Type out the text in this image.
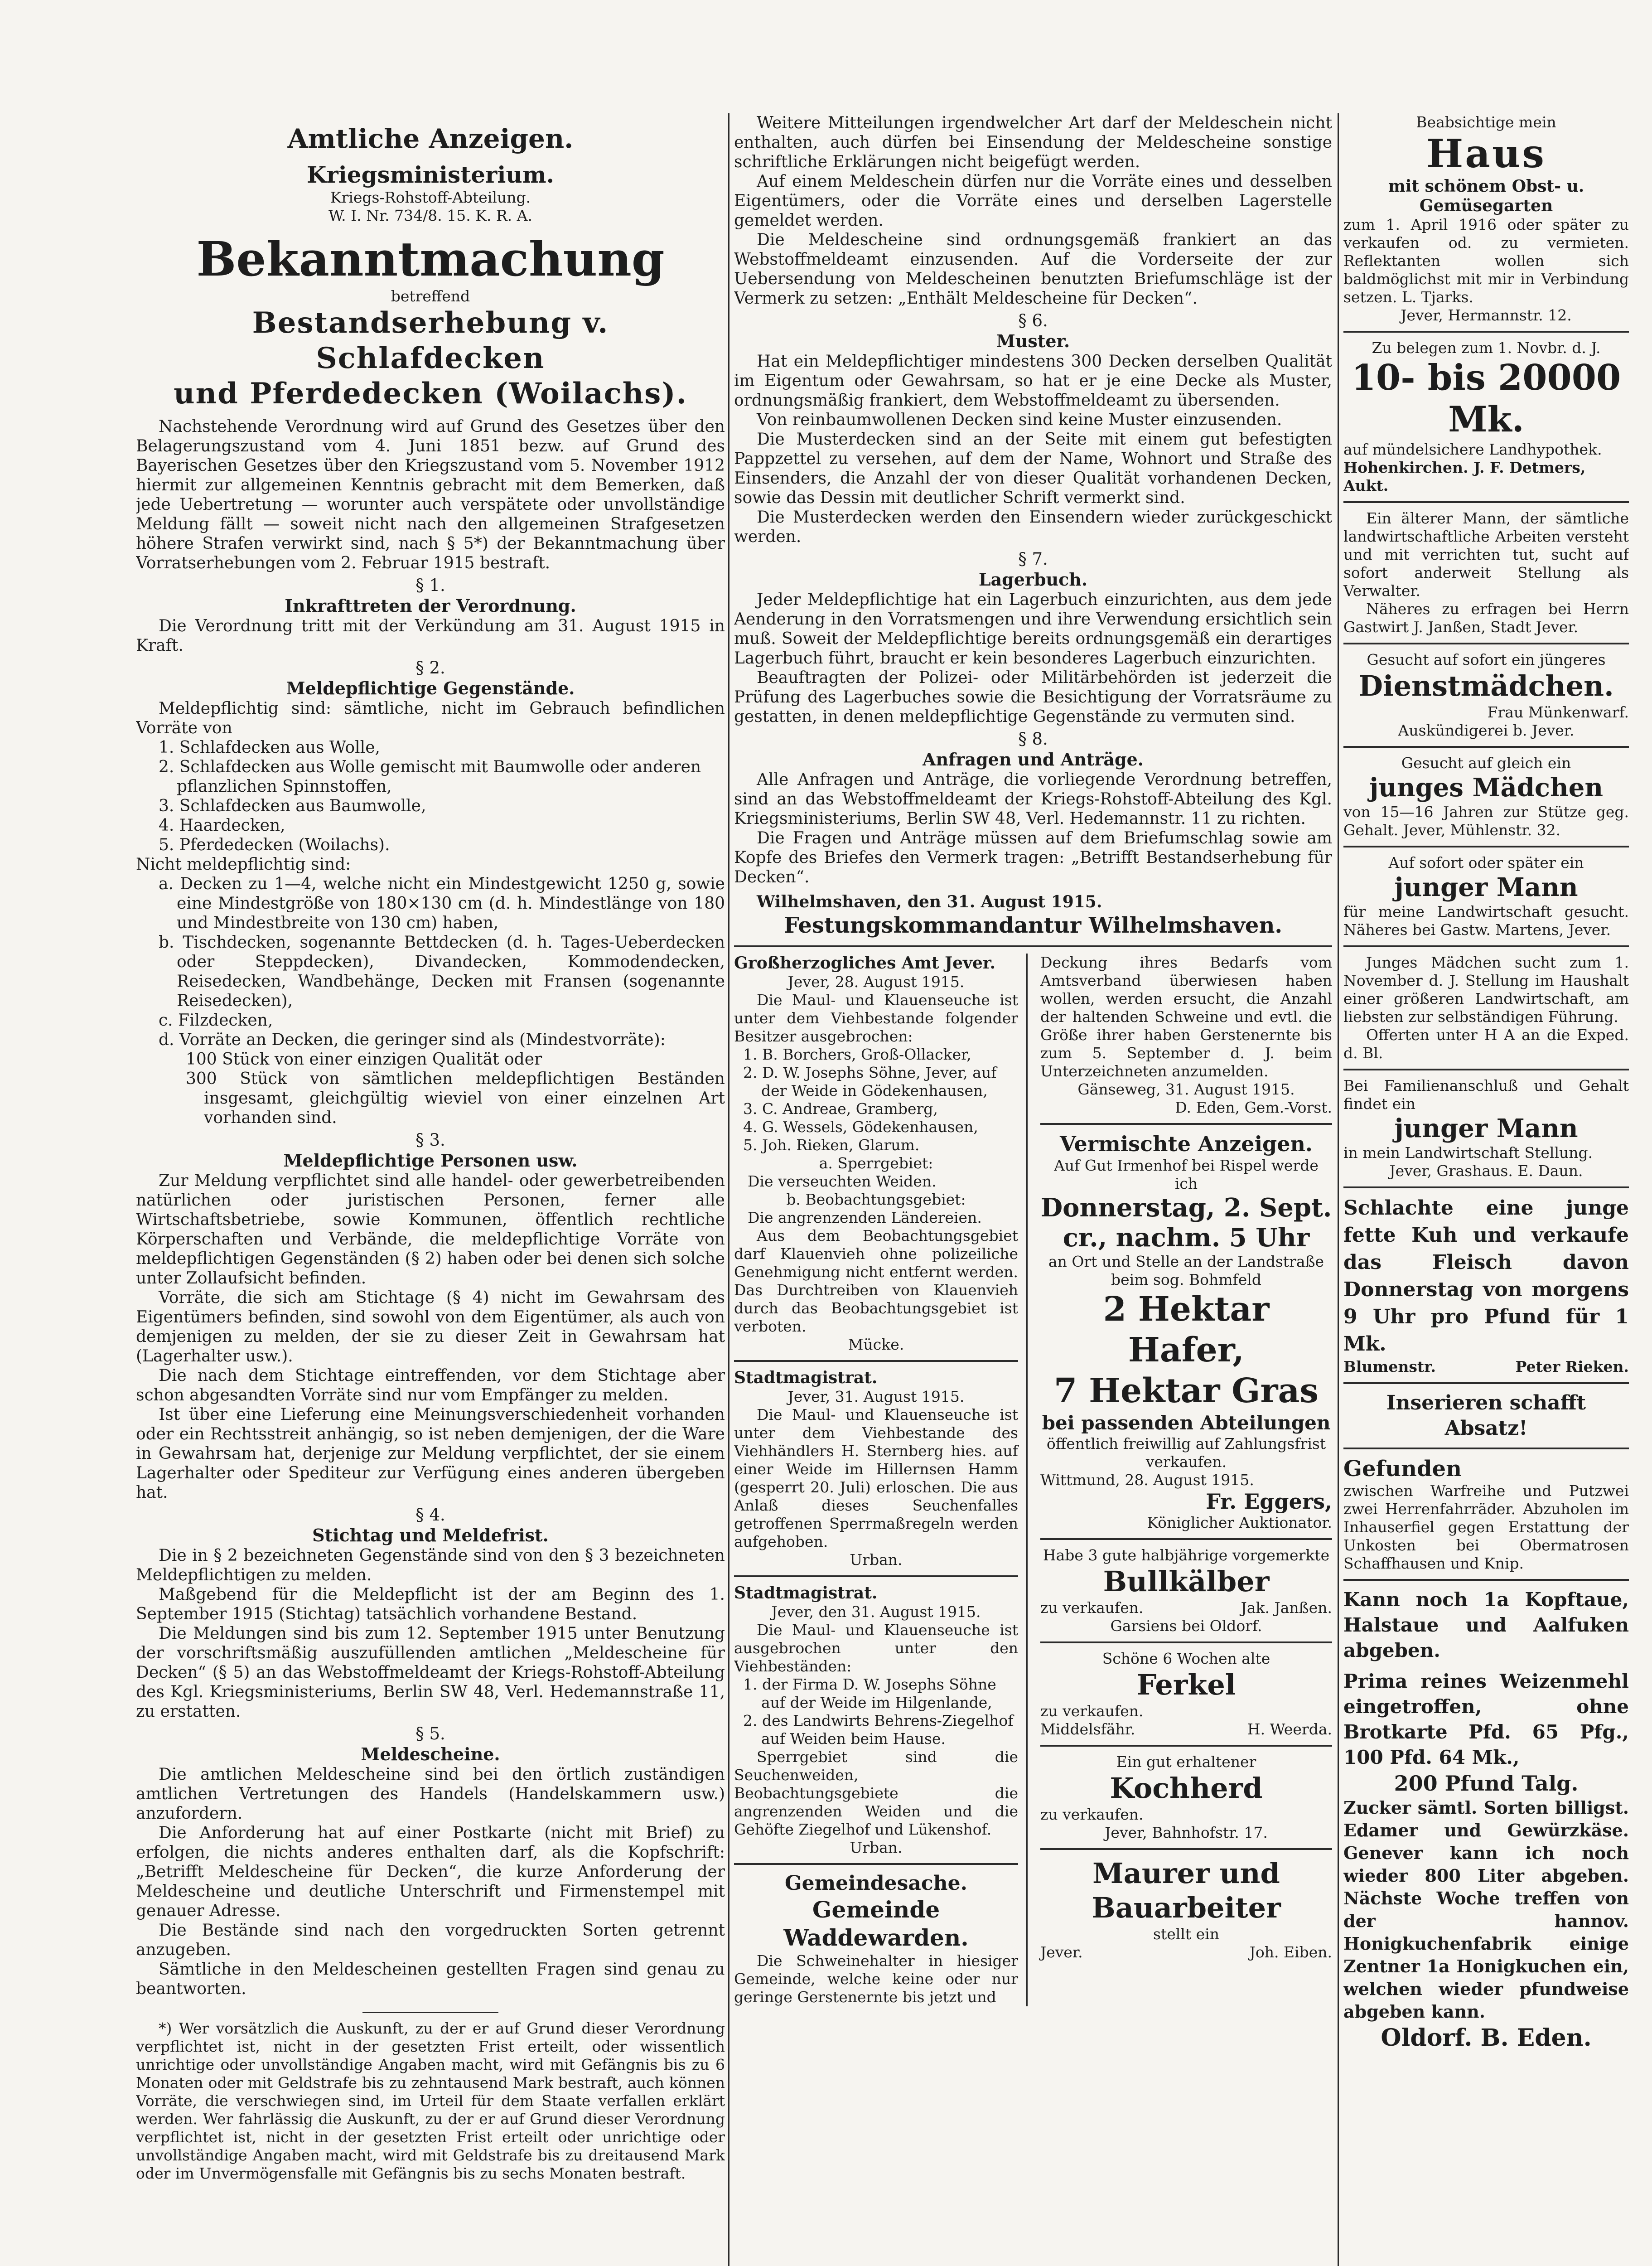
Amtliche Anzeigen.

Kriegsministerium.

Kriegs-Rohstoff-Abteilung.

W. I. Nr. 734/8. 15. K. R. A.

Bekanntmachung

betreffend

Bestandserhebung v. Schlafdecken

und Pferdedecken (Woilachs).

Nachstehende Verordnung wird auf Grund des Gesetzes über den Belagerungszustand vom 4. Juni 1851 bezw. auf Grund des Bayerischen Gesetzes über den Kriegszustand vom 5. November 1912 hiermit zur allgemeinen Kenntnis gebracht mit dem Bemerken, daß jede Uebertretung — worunter auch verspätete oder unvollständige Meldung fällt — soweit nicht nach den allgemeinen Strafgesetzen höhere Strafen verwirkt sind, nach § 5*) der Bekanntmachung über Vorratserhebungen vom 2. Februar 1915 bestraft.

§ 1.

Inkrafttreten der Verordnung.

Die Verordnung tritt mit der Verkündung am 31. August 1915 in Kraft.

§ 2.

Meldepflichtige Gegenstände.

Meldepflichtig sind: sämtliche, nicht im Gebrauch befindlichen Vorräte von

1. Schlafdecken aus Wolle,

2. Schlafdecken aus Wolle gemischt mit Baumwolle oder anderen pflanzlichen Spinnstoffen,

3. Schlafdecken aus Baumwolle,

4. Haardecken,

5. Pferdedecken (Woilachs).

Nicht meldepflichtig sind:

a. Decken zu 1—4, welche nicht ein Mindestgewicht 1250 g, sowie eine Mindestgröße von 180×130 cm (d. h. Mindestlänge von 180 und Mindestbreite von 130 cm) haben,

b. Tischdecken, sogenannte Bettdecken (d. h. Tages-Ueberdecken oder Steppdecken), Divandecken, Kommodendecken, Reisedecken, Wandbehänge, Decken mit Fransen (sogenannte Reisedecken),

c. Filzdecken,

d. Vorräte an Decken, die geringer sind als (Mindestvorräte):

100 Stück von einer einzigen Qualität oder

300 Stück von sämtlichen meldepflichtigen Beständen insgesamt, gleichgültig wieviel von einer einzelnen Art vorhanden sind.

§ 3.

Meldepflichtige Personen usw.

Zur Meldung verpflichtet sind alle handel- oder gewerbetreibenden natürlichen oder juristischen Personen, ferner alle Wirtschaftsbetriebe, sowie Kommunen, öffentlich rechtliche Körperschaften und Verbände, die meldepflichtige Vorräte von meldepflichtigen Gegenständen (§ 2) haben oder bei denen sich solche unter Zollaufsicht befinden.

Vorräte, die sich am Stichtage (§ 4) nicht im Gewahrsam des Eigentümers befinden, sind sowohl von dem Eigentümer, als auch von demjenigen zu melden, der sie zu dieser Zeit in Gewahrsam hat (Lagerhalter usw.).

Die nach dem Stichtage eintreffenden, vor dem Stichtage aber schon abgesandten Vorräte sind nur vom Empfänger zu melden.

Ist über eine Lieferung eine Meinungsverschiedenheit vorhanden oder ein Rechtsstreit anhängig, so ist neben demjenigen, der die Ware in Gewahrsam hat, derjenige zur Meldung verpflichtet, der sie einem Lagerhalter oder Spediteur zur Verfügung eines anderen übergeben hat.

§ 4.

Stichtag und Meldefrist.

Die in § 2 bezeichneten Gegenstände sind von den § 3 bezeichneten Meldepflichtigen zu melden.

Maßgebend für die Meldepflicht ist der am Beginn des 1. September 1915 (Stichtag) tatsächlich vorhandene Bestand.

Die Meldungen sind bis zum 12. September 1915 unter Benutzung der vorschriftsmäßig auszufüllenden amtlichen „Meldescheine für Decken“ (§ 5) an das Webstoffmeldeamt der Kriegs-Rohstoff-Abteilung des Kgl. Kriegsministeriums, Berlin SW 48, Verl. Hedemannstraße 11, zu erstatten.

§ 5.

Meldescheine.

Die amtlichen Meldescheine sind bei den örtlich zuständigen amtlichen Vertretungen des Handels (Handelskammern usw.) anzufordern.

Die Anforderung hat auf einer Postkarte (nicht mit Brief) zu erfolgen, die nichts anderes enthalten darf, als die Kopfschrift: „Betrifft Meldescheine für Decken“, die kurze Anforderung der Meldescheine und deutliche Unterschrift und Firmenstempel mit genauer Adresse.

Die Bestände sind nach den vorgedruckten Sorten getrennt anzugeben.

Sämtliche in den Meldescheinen gestellten Fragen sind genau zu beantworten.

*) Wer vorsätzlich die Auskunft, zu der er auf Grund dieser Verordnung verpflichtet ist, nicht in der gesetzten Frist erteilt, oder wissentlich unrichtige oder unvollständige Angaben macht, wird mit Gefängnis bis zu 6 Monaten oder mit Geldstrafe bis zu zehntausend Mark bestraft, auch können Vorräte, die verschwiegen sind, im Urteil für dem Staate verfallen erklärt werden. Wer fahrlässig die Auskunft, zu der er auf Grund dieser Verordnung verpflichtet ist, nicht in der gesetzten Frist erteilt oder unrichtige oder unvollständige Angaben macht, wird mit Geldstrafe bis zu dreitausend Mark oder im Unvermögensfalle mit Gefängnis bis zu sechs Monaten bestraft.

Weitere Mitteilungen irgendwelcher Art darf der Meldeschein nicht enthalten, auch dürfen bei Einsendung der Meldescheine sonstige schriftliche Erklärungen nicht beigefügt werden.

Auf einem Meldeschein dürfen nur die Vorräte eines und desselben Eigentümers, oder die Vorräte eines und derselben Lagerstelle gemeldet werden.

Die Meldescheine sind ordnungsgemäß frankiert an das Webstoffmeldeamt einzusenden. Auf die Vorderseite der zur Uebersendung von Meldescheinen benutzten Briefumschläge ist der Vermerk zu setzen: „Enthält Meldescheine für Decken“.

§ 6.

Muster.

Hat ein Meldepflichtiger mindestens 300 Decken derselben Qualität im Eigentum oder Gewahrsam, so hat er je eine Decke als Muster, ordnungsmäßig frankiert, dem Webstoffmeldeamt zu übersenden.

Von reinbaumwollenen Decken sind keine Muster einzusenden.

Die Musterdecken sind an der Seite mit einem gut befestigten Pappzettel zu versehen, auf dem der Name, Wohnort und Straße des Einsenders, die Anzahl der von dieser Qualität vorhandenen Decken, sowie das Dessin mit deutlicher Schrift vermerkt sind.

Die Musterdecken werden den Einsendern wieder zurückgeschickt werden.

§ 7.

Lagerbuch.

Jeder Meldepflichtige hat ein Lagerbuch einzurichten, aus dem jede Aenderung in den Vorratsmengen und ihre Verwendung ersichtlich sein muß. Soweit der Meldepflichtige bereits ordnungsgemäß ein derartiges Lagerbuch führt, braucht er kein besonderes Lagerbuch einzurichten.

Beauftragten der Polizei- oder Militärbehörden ist jederzeit die Prüfung des Lagerbuches sowie die Besichtigung der Vorratsräume zu gestatten, in denen meldepflichtige Gegenstände zu vermuten sind.

§ 8.

Anfragen und Anträge.

Alle Anfragen und Anträge, die vorliegende Verordnung betreffen, sind an das Webstoffmeldeamt der Kriegs-Rohstoff-Abteilung des Kgl. Kriegsministeriums, Berlin SW 48, Verl. Hedemannstr. 11 zu richten.

Die Fragen und Anträge müssen auf dem Briefumschlag sowie am Kopfe des Briefes den Vermerk tragen: „Betrifft Bestandserhebung für Decken“.

Wilhelmshaven, den 31. August 1915.

Festungskommandantur Wilhelmshaven.

Großherzogliches Amt Jever.

Jever, 28. August 1915.

Die Maul- und Klauenseuche ist unter dem Viehbestande folgender Besitzer ausgebrochen:

1. B. Borchers, Groß-Ollacker,

2. D. W. Josephs Söhne, Jever, auf der Weide in Gödekenhausen,

3. C. Andreae, Gramberg,

4. G. Wessels, Gödekenhausen,

5. Joh. Rieken, Glarum.

a. Sperrgebiet:

Die verseuchten Weiden.

b. Beobachtungsgebiet:

Die angrenzenden Ländereien.

Aus dem Beobachtungsgebiet darf Klauenvieh ohne polizeiliche Genehmigung nicht entfernt werden. Das Durchtreiben von Klauenvieh durch das Beobachtungsgebiet ist verboten.

Mücke.

Stadtmagistrat.

Jever, 31. August 1915.

Die Maul- und Klauenseuche ist unter dem Viehbestande des Viehhändlers H. Sternberg hies. auf einer Weide im Hillernsen Hamm (gesperrt 20. Juli) erloschen. Die aus Anlaß dieses Seuchenfalles getroffenen Sperrmaßregeln werden aufgehoben.

Urban.

Stadtmagistrat.

Jever, den 31. August 1915.

Die Maul- und Klauenseuche ist ausgebrochen unter den Viehbeständen:

1. der Firma D. W. Josephs Söhne auf der Weide im Hilgenlande,

2. des Landwirts Behrens-Ziegelhof auf Weiden beim Hause.

Sperrgebiet sind die Seuchenweiden, Beobachtungsgebiete die angrenzenden Weiden und die Gehöfte Ziegelhof und Lükenshof.

Urban.

Gemeindesache.

Gemeinde Waddewarden.

Die Schweinehalter in hiesiger Gemeinde, welche keine oder nur geringe Gerstenernte bis jetzt und

Deckung ihres Bedarfs vom Amtsverband überwiesen haben wollen, werden ersucht, die Anzahl der haltenden Schweine und evtl. die Größe ihrer haben Gerstenernte bis zum 5. September d. J. beim Unterzeichneten anzumelden.

Gänseweg, 31. August 1915.

D. Eden, Gem.-Vorst.

Vermischte Anzeigen.

Auf Gut Irmenhof bei Rispel werde ich

Donnerstag, 2. Sept. cr., nachm. 5 Uhr

an Ort und Stelle an der Landstraße beim sog. Bohmfeld

2 Hektar Hafer,

7 Hektar Gras

bei passenden Abteilungen

öffentlich freiwillig auf Zahlungsfrist verkaufen.

Wittmund, 28. August 1915.

Fr. Eggers,

Königlicher Auktionator.

Habe 3 gute halbjährige vorgemerkte

Bullkälber

zu verkaufen.	Jak. Janßen.

Garsiens bei Oldorf.

Schöne 6 Wochen alte

Ferkel

zu verkaufen.

Middelsfähr.	H. Weerda.

Ein gut erhaltener

Kochherd

zu verkaufen.

Jever, Bahnhofstr. 17.

Maurer und

Bauarbeiter

stellt ein

Jever.	Joh. Eiben.

Beabsichtige mein

Haus

mit schönem Obst- u. Gemüsegarten

zum 1. April 1916 oder später zu verkaufen od. zu vermieten. Reflektanten wollen sich baldmöglichst mit mir in Verbindung setzen. L. Tjarks.

Jever, Hermannstr. 12.

Zu belegen zum 1. Novbr. d. J.

10- bis 20000 Mk.

auf mündelsichere Landhypothek.

Hohenkirchen. J. F. Detmers, Aukt.

Ein älterer Mann, der sämtliche landwirtschaftliche Arbeiten versteht und mit verrichten tut, sucht auf sofort anderweit Stellung als Verwalter.

Näheres zu erfragen bei Herrn Gastwirt J. Janßen, Stadt Jever.

Gesucht auf sofort ein jüngeres

Dienstmädchen.

Frau Münkenwarf.

Auskündigerei b. Jever.

Gesucht auf gleich ein

junges Mädchen

von 15—16 Jahren zur Stütze geg. Gehalt. Jever, Mühlenstr. 32.

Auf sofort oder später ein

junger Mann

für meine Landwirtschaft gesucht. Näheres bei Gastw. Martens, Jever.

Junges Mädchen sucht zum 1. November d. J. Stellung im Haushalt einer größeren Landwirtschaft, am liebsten zur selbständigen Führung.

Offerten unter H A an die Exped. d. Bl.

Bei Familienanschluß und Gehalt findet ein

junger Mann

in mein Landwirtschaft Stellung.

Jever, Grashaus. E. Daun.

Schlachte eine junge fette Kuh und verkaufe das Fleisch davon Donnerstag von morgens 9 Uhr pro Pfund für 1 Mk.

Blumenstr.	Peter Rieken.

Inserieren schafft Absatz!

Gefunden

zwischen Warfreihe und Putzwei zwei Herrenfahrräder. Abzuholen im Inhauserfiel gegen Erstattung der Unkosten bei Obermatrosen Schaffhausen und Knip.

Kann noch 1a Kopftaue, Halstaue und Aalfuken abgeben.

Prima reines Weizenmehl eingetroffen, ohne Brotkarte Pfd. 65 Pfg., 100 Pfd. 64 Mk.,

200 Pfund Talg.

Zucker sämtl. Sorten billigst. Edamer und Gewürzkäse. Genever kann ich noch wieder 800 Liter abgeben. Nächste Woche treffen von der hannov. Honigkuchenfabrik einige Zentner 1a Honigkuchen ein, welchen wieder pfundweise abgeben kann.

Oldorf. B. Eden.
